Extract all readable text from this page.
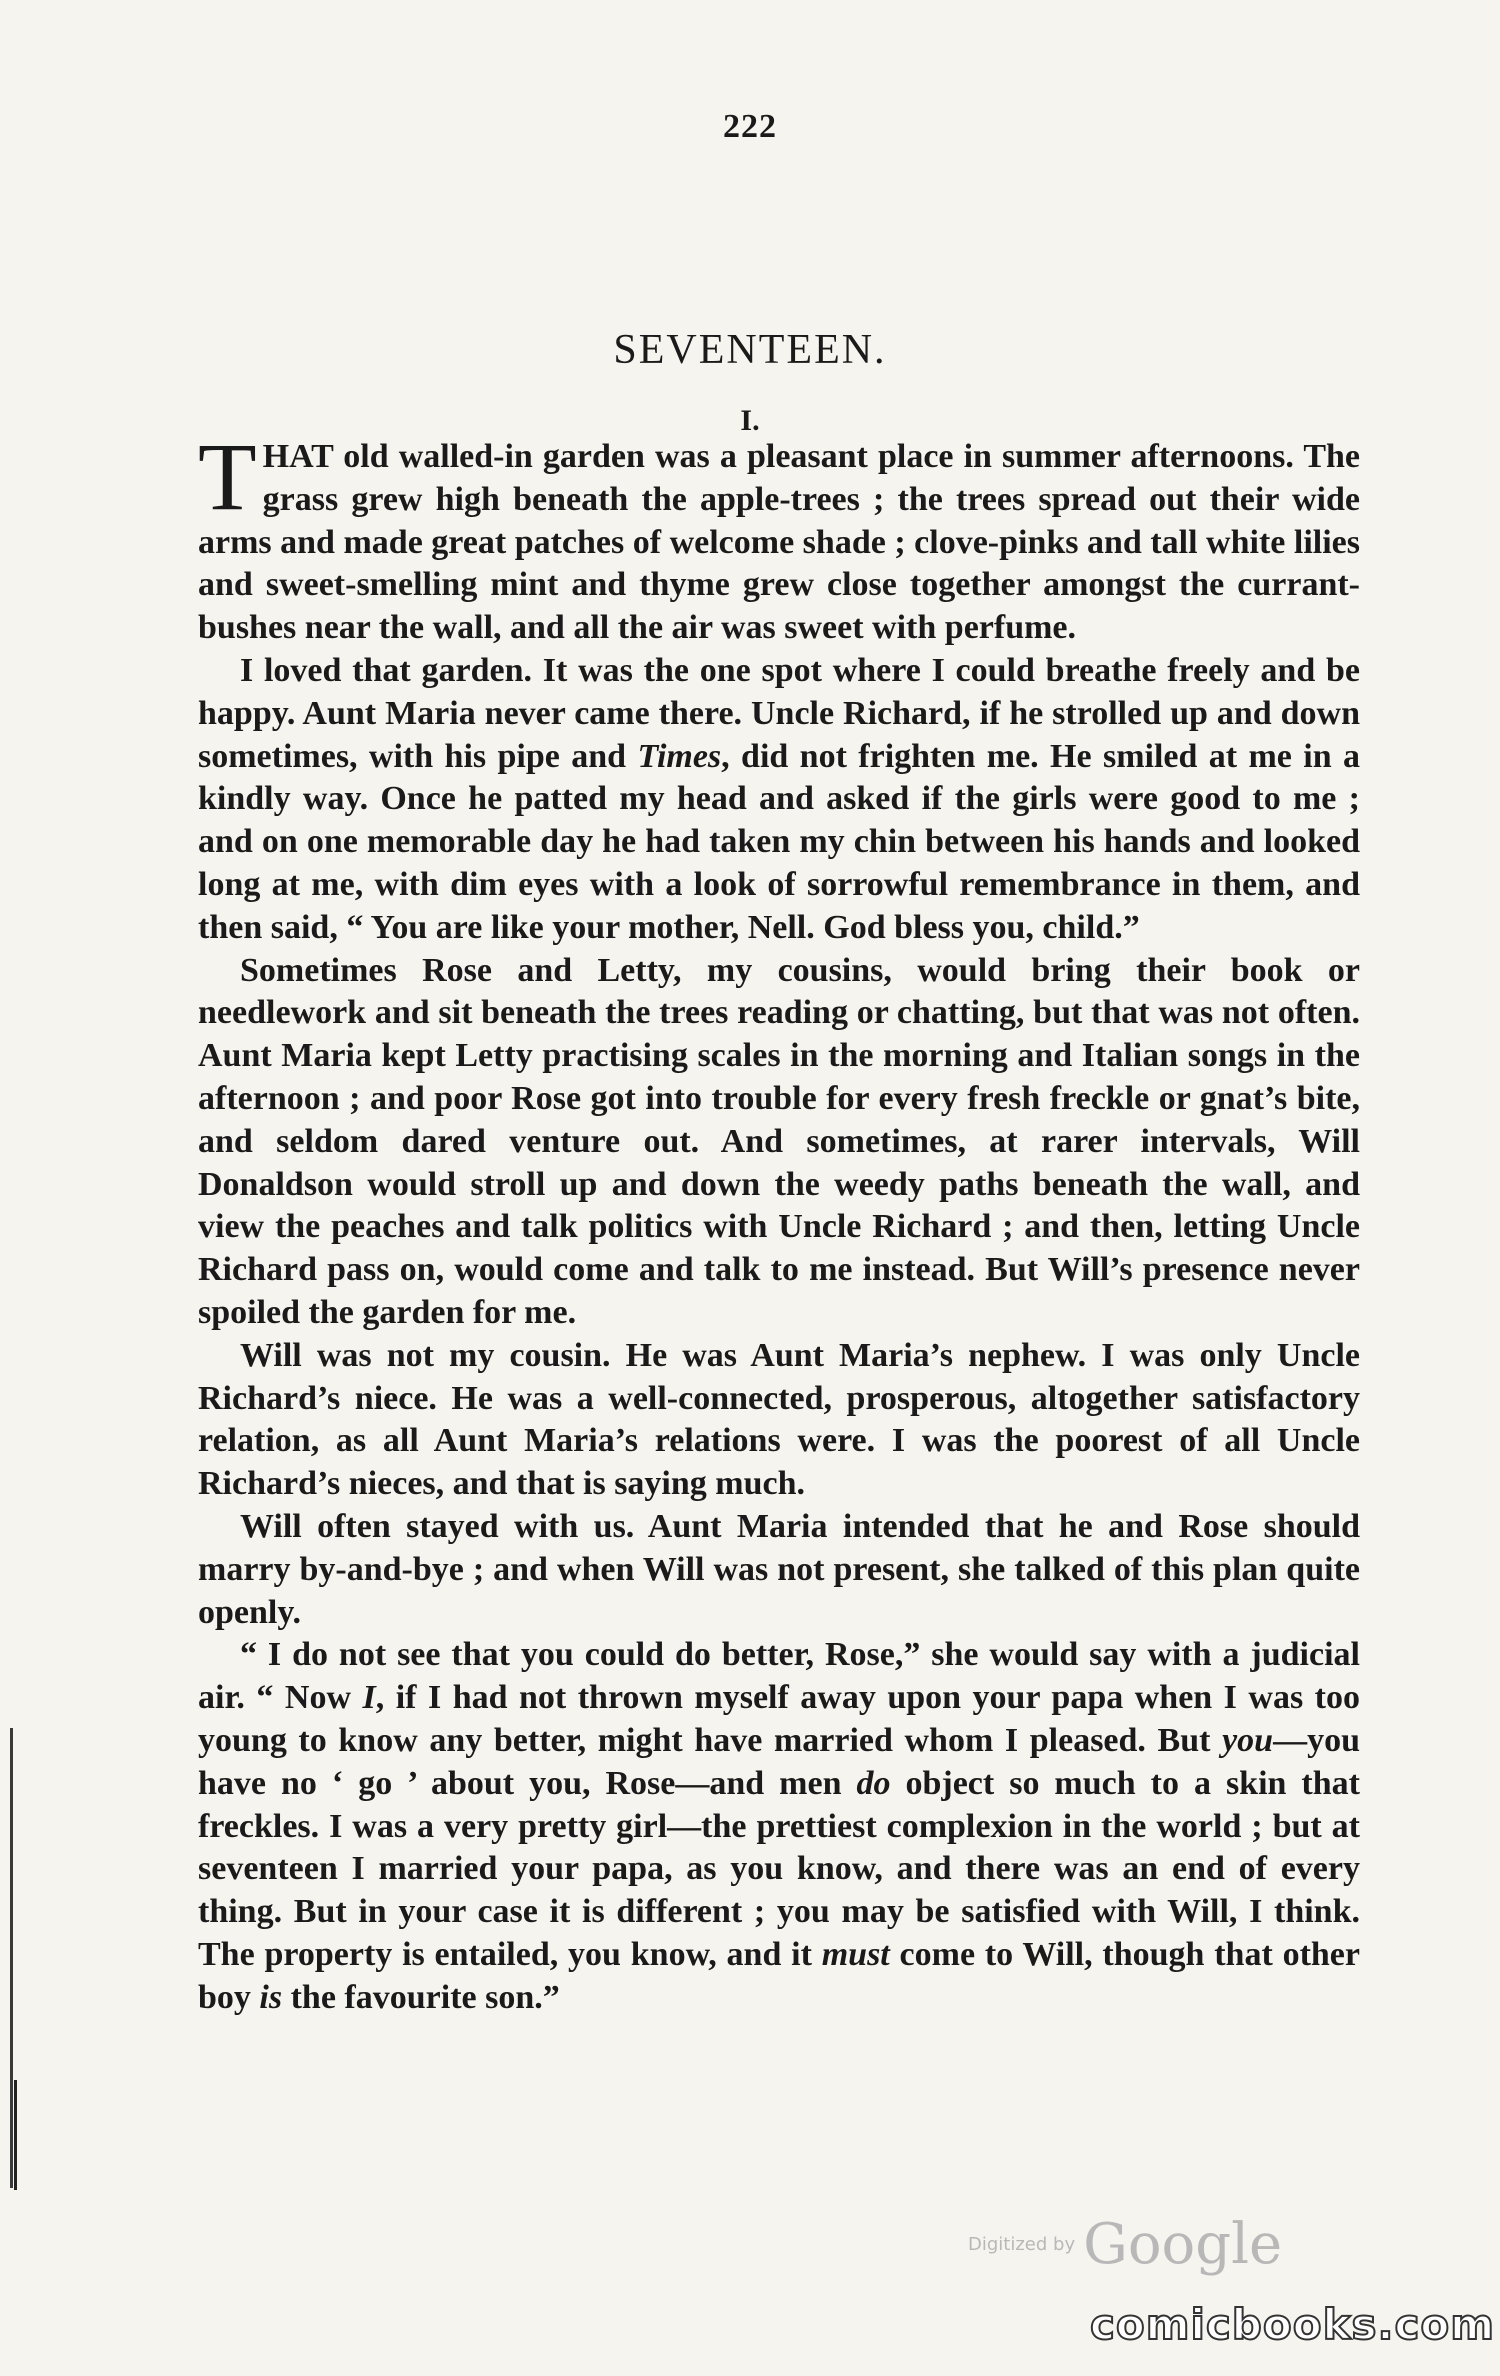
222
SEVENTEEN.
I.

THAT old walled-in garden was a pleasant place in summer afternoons. The grass grew high beneath the apple-trees ; the trees spread out their wide arms and made great patches of welcome shade ; clove-pinks and tall white lilies and sweet-smelling mint and thyme grew close together amongst the currant-bushes near the wall, and all the air was sweet with perfume.

I loved that garden. It was the one spot where I could breathe freely and be happy. Aunt Maria never came there. Uncle Richard, if he strolled up and down sometimes, with his pipe and Times, did not frighten me. He smiled at me in a kindly way. Once he patted my head and asked if the girls were good to me ; and on one memorable day he had taken my chin between his hands and looked long at me, with dim eyes with a look of sorrowful remembrance in them, and then said, “ You are like your mother, Nell. God bless you, child.”

Sometimes Rose and Letty, my cousins, would bring their book or needlework and sit beneath the trees reading or chatting, but that was not often. Aunt Maria kept Letty practising scales in the morning and Italian songs in the afternoon ; and poor Rose got into trouble for every fresh freckle or gnat’s bite, and seldom dared venture out. And sometimes, at rarer intervals, Will Donaldson would stroll up and down the weedy paths beneath the wall, and view the peaches and talk politics with Uncle Richard ; and then, letting Uncle Richard pass on, would come and talk to me instead. But Will’s presence never spoiled the garden for me.

Will was not my cousin. He was Aunt Maria’s nephew. I was only Uncle Richard’s niece. He was a well-connected, prosperous, altogether satisfactory relation, as all Aunt Maria’s relations were. I was the poorest of all Uncle Richard’s nieces, and that is saying much.

Will often stayed with us. Aunt Maria intended that he and Rose should marry by-and-bye ; and when Will was not present, she talked of this plan quite openly.

“ I do not see that you could do better, Rose,” she would say with a judicial air. “ Now I, if I had not thrown myself away upon your papa when I was too young to know any better, might have married whom I pleased. But you—you have no ‘ go ’ about you, Rose—and men do object so much to a skin that freckles. I was a very pretty girl—the prettiest complexion in the world ; but at seventeen I married your papa, as you know, and there was an end of every thing. But in your case it is different ; you may be satisfied with Will, I think. The property is entailed, you know, and it must come to Will, though that other boy is the favourite son.”

Digitized by Google
comicbooks.com
